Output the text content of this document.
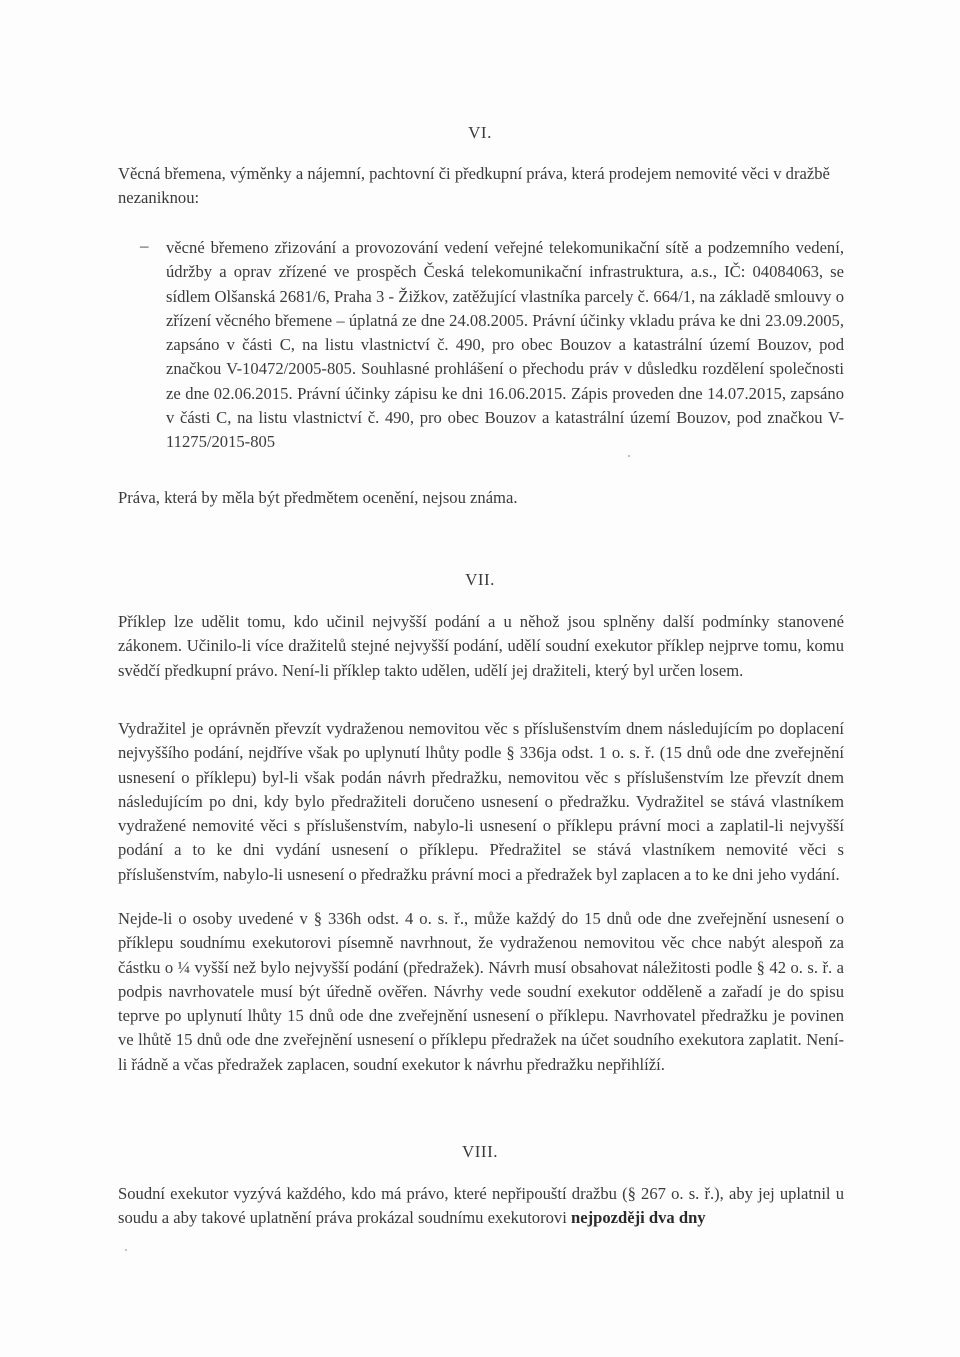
VI.

Věcná břemena, výměnky a nájemní, pachtovní či předkupní práva, která prodejem nemovité věci v dražbě nezaniknou:

– věcné břemeno zřizování a provozování vedení veřejné telekomunikační sítě a podzemního vedení, údržby a oprav zřízené ve prospěch Česká telekomunikační infrastruktura, a.s., IČ: 04084063, se sídlem Olšanská 2681/6, Praha 3 - Žižkov, zatěžující vlastníka parcely č. 664/1, na základě smlouvy o zřízení věcného břemene – úplatná ze dne 24.08.2005. Právní účinky vkladu práva ke dni 23.09.2005, zapsáno v části C, na listu vlastnictví č. 490, pro obec Bouzov a katastrální území Bouzov, pod značkou V-10472/2005-805. Souhlasné prohlášení o přechodu práv v důsledku rozdělení společnosti ze dne 02.06.2015. Právní účinky zápisu ke dni 16.06.2015. Zápis proveden dne 14.07.2015, zapsáno v části C, na listu vlastnictví č. 490, pro obec Bouzov a katastrální území Bouzov, pod značkou V-11275/2015-805

Práva, která by měla být předmětem ocenění, nejsou známa.

VII.

Příklep lze udělit tomu, kdo učinil nejvyšší podání a u něhož jsou splněny další podmínky stanovené zákonem. Učinilo-li více dražitelů stejné nejvyšší podání, udělí soudní exekutor příklep nejprve tomu, komu svědčí předkupní právo. Není-li příklep takto udělen, udělí jej dražiteli, který byl určen losem.

Vydražitel je oprávněn převzít vydraženou nemovitou věc s příslušenstvím dnem následujícím po doplacení nejvyššího podání, nejdříve však po uplynutí lhůty podle § 336ja odst. 1 o. s. ř. (15 dnů ode dne zveřejnění usnesení o příklepu) byl-li však podán návrh předražku, nemovitou věc s příslušenstvím lze převzít dnem následujícím po dni, kdy bylo předražiteli doručeno usnesení o předražku. Vydražitel se stává vlastníkem vydražené nemovité věci s příslušenstvím, nabylo-li usnesení o příklepu právní moci a zaplatil-li nejvyšší podání a to ke dni vydání usnesení o příklepu. Předražitel se stává vlastníkem nemovité věci s příslušenstvím, nabylo-li usnesení o předražku právní moci a předražek byl zaplacen a to ke dni jeho vydání.

Nejde-li o osoby uvedené v § 336h odst. 4 o. s. ř., může každý do 15 dnů ode dne zveřejnění usnesení o příklepu soudnímu exekutorovi písemně navrhnout, že vydraženou nemovitou věc chce nabýt alespoň za částku o ¼ vyšší než bylo nejvyšší podání (předražek). Návrh musí obsahovat náležitosti podle § 42 o. s. ř. a podpis navrhovatele musí být úředně ověřen. Návrhy vede soudní exekutor odděleně a zařadí je do spisu teprve po uplynutí lhůty 15 dnů ode dne zveřejnění usnesení o příklepu. Navrhovatel předražku je povinen ve lhůtě 15 dnů ode dne zveřejnění usnesení o příklepu předražek na účet soudního exekutora zaplatit. Není-li řádně a včas předražek zaplacen, soudní exekutor k návrhu předražku nepřihlíží.

VIII.

Soudní exekutor vyzývá každého, kdo má právo, které nepřipouští dražbu (§ 267 o. s. ř.), aby jej uplatnil u soudu a aby takové uplatnění práva prokázal soudnímu exekutorovi nejpozději dva dny
